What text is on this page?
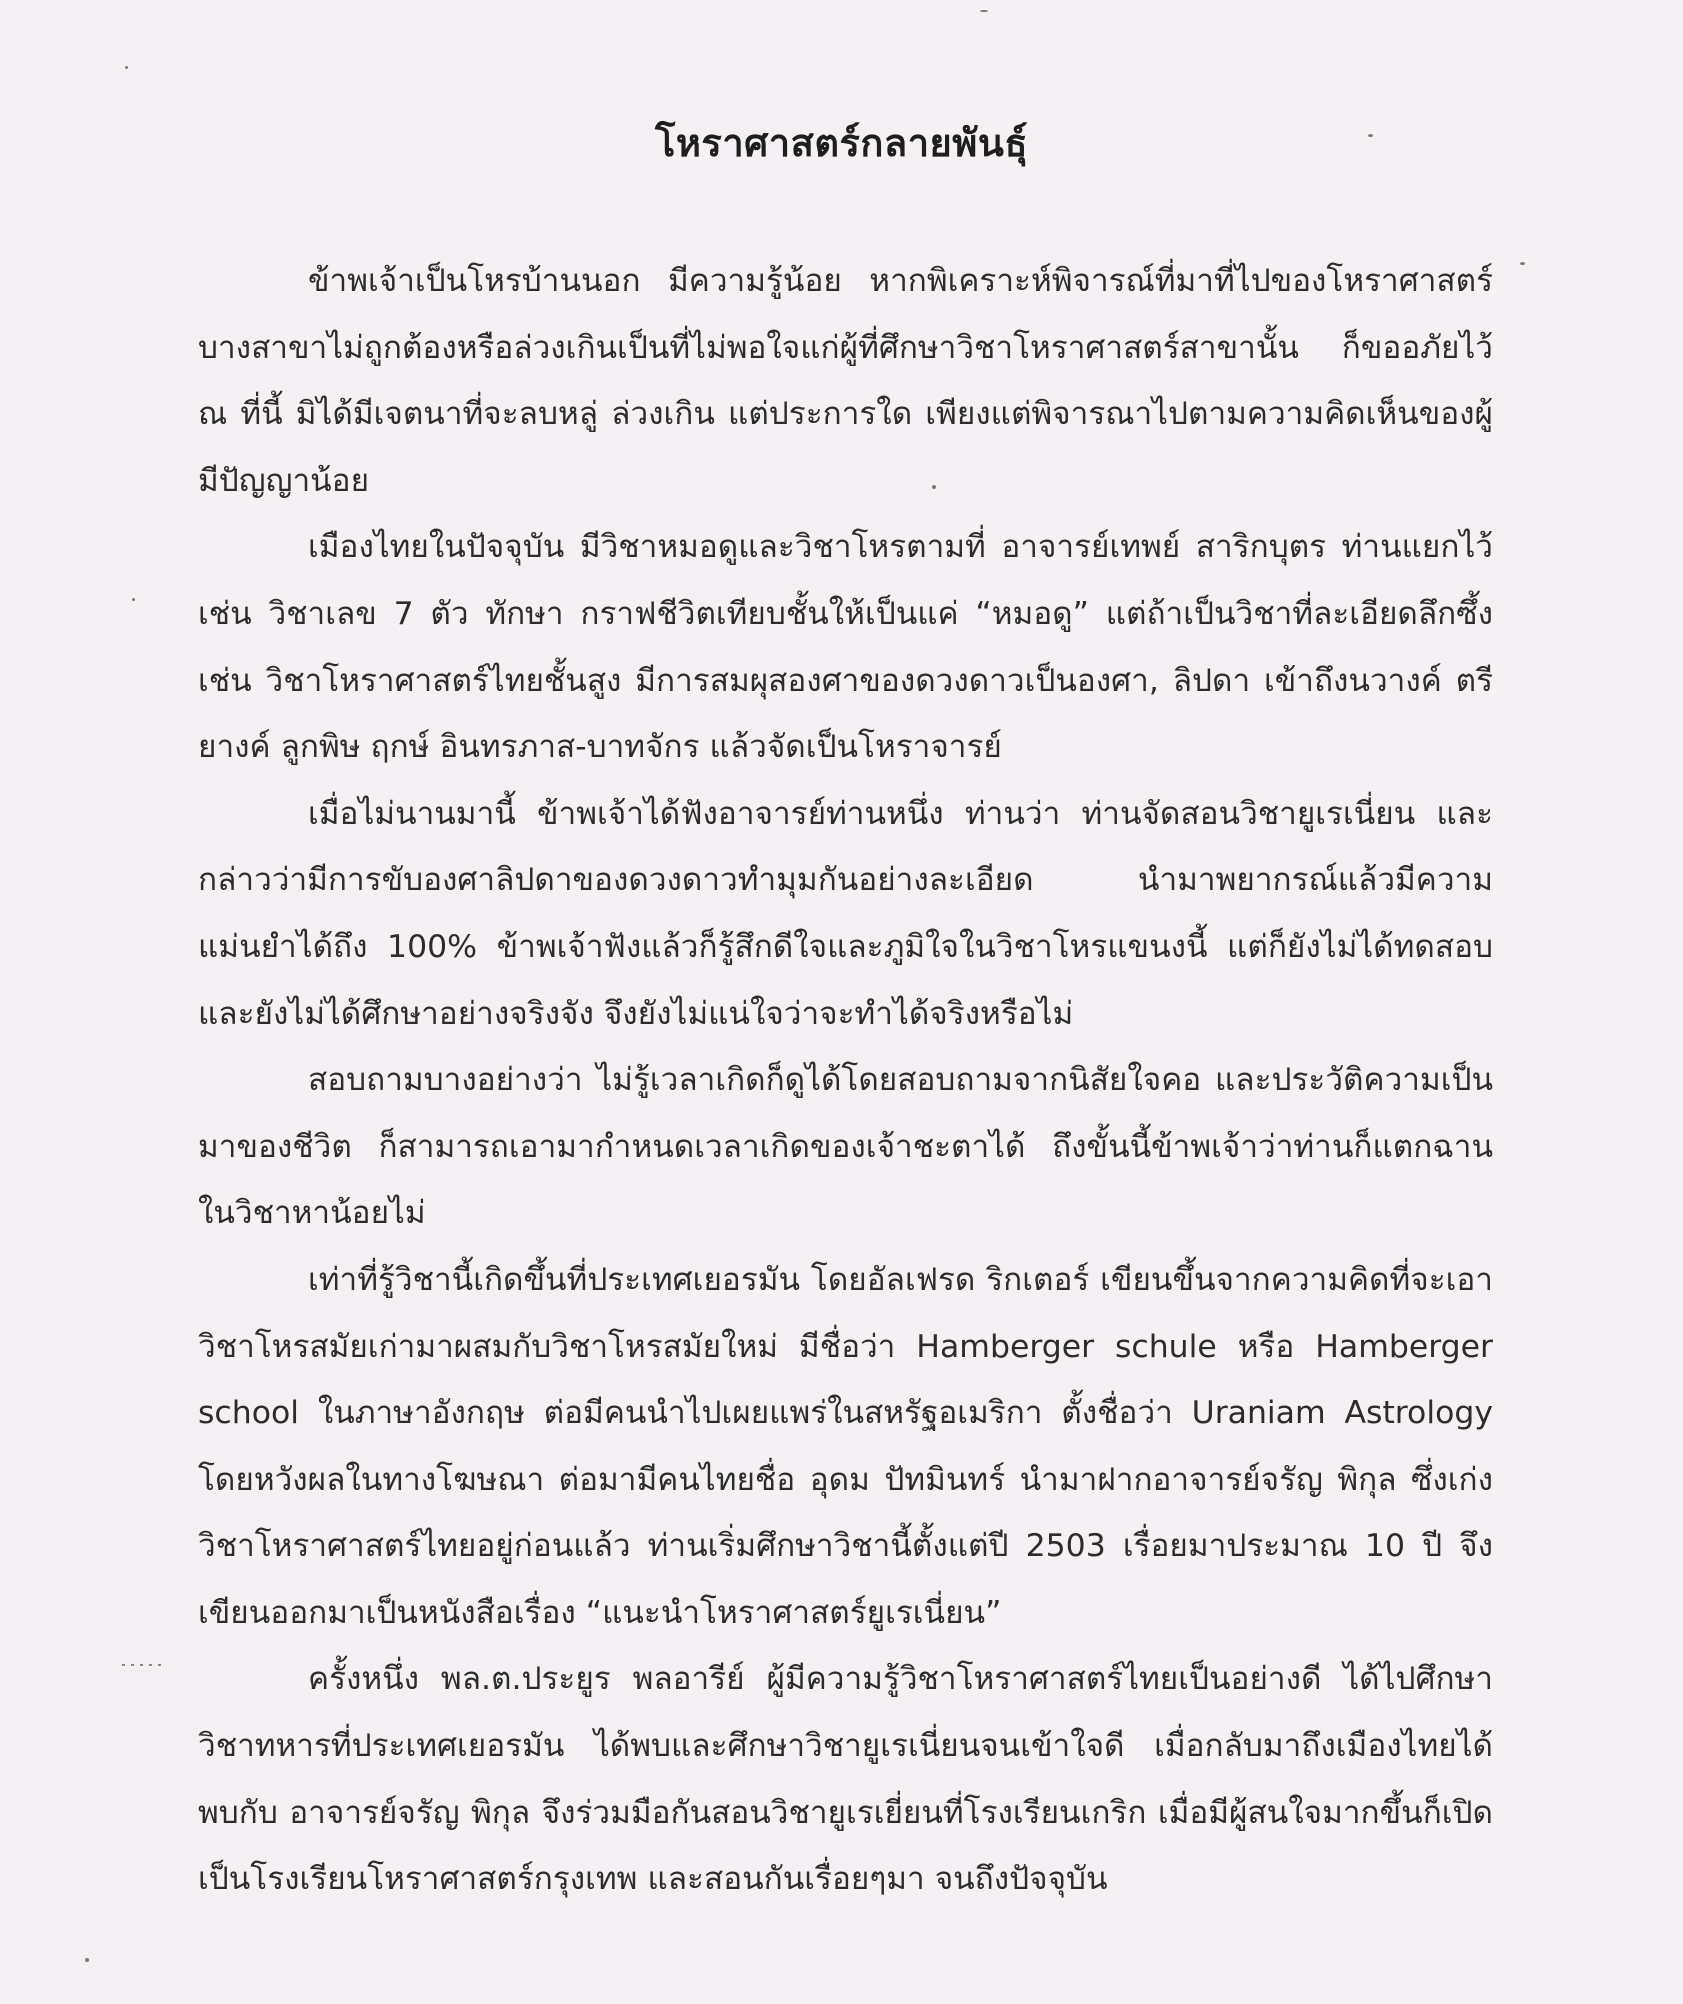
โหราศาสตร์กลายพันธุ์

ข้าพเจ้าเป็นโหรบ้านนอก มีความรู้น้อย หากพิเคราะห์พิจารณ์ที่มาที่ไปของโหราศาสตร์บางสาขาไม่ถูกต้องหรือล่วงเกินเป็นที่ไม่พอใจแก่ผู้ที่ศึกษาวิชาโหราศาสตร์สาขานั้น ก็ขออภัยไว้ ณ ที่นี้ มิได้มีเจตนาที่จะลบหลู่ ล่วงเกิน แต่ประการใด เพียงแต่พิจารณาไปตามความคิดเห็นของผู้มีปัญญาน้อย

เมืองไทยในปัจจุบัน มีวิชาหมอดูและวิชาโหรตามที่ อาจารย์เทพย์ สาริกบุตร ท่านแยกไว้ เช่น วิชาเลข 7 ตัว ทักษา กราฟชีวิตเทียบชั้นให้เป็นแค่ “หมอดู” แต่ถ้าเป็นวิชาที่ละเอียดลึกซึ้ง เช่น วิชาโหราศาสตร์ไทยชั้นสูง มีการสมผุสองศาของดวงดาวเป็นองศา, ลิปดา เข้าถึงนวางค์ ตรียางค์ ลูกพิษ ฤกษ์ อินทรภาส-บาทจักร แล้วจัดเป็นโหราจารย์

เมื่อไม่นานมานี้ ข้าพเจ้าได้ฟังอาจารย์ท่านหนึ่ง ท่านว่า ท่านจัดสอนวิชายูเรเนี่ยน และกล่าวว่ามีการขับองศาลิปดาของดวงดาวทำมุมกันอย่างละเอียด นำมาพยากรณ์แล้วมีความแม่นยำได้ถึง 100% ข้าพเจ้าฟังแล้วก็รู้สึกดีใจและภูมิใจในวิชาโหรแขนงนี้ แต่ก็ยังไม่ได้ทดสอบและยังไม่ได้ศึกษาอย่างจริงจัง จึงยังไม่แน่ใจว่าจะทำได้จริงหรือไม่

สอบถามบางอย่างว่า ไม่รู้เวลาเกิดก็ดูได้โดยสอบถามจากนิสัยใจคอ และประวัติความเป็นมาของชีวิต ก็สามารถเอามากำหนดเวลาเกิดของเจ้าชะตาได้ ถึงขั้นนี้ข้าพเจ้าว่าท่านก็แตกฉานในวิชาหาน้อยไม่

เท่าที่รู้วิชานี้เกิดขึ้นที่ประเทศเยอรมัน โดยอัลเฟรด ริกเตอร์ เขียนขึ้นจากความคิดที่จะเอาวิชาโหรสมัยเก่ามาผสมกับวิชาโหรสมัยใหม่ มีชื่อว่า Hamberger schule หรือ Hamberger school ในภาษาอังกฤษ ต่อมีคนนำไปเผยแพร่ในสหรัฐอเมริกา ตั้งชื่อว่า Uraniam Astrology โดยหวังผลในทางโฆษณา ต่อมามีคนไทยชื่อ อุดม ปัทมินทร์ นำมาฝากอาจารย์จรัญ พิกุล ซึ่งเก่งวิชาโหราศาสตร์ไทยอยู่ก่อนแล้ว ท่านเริ่มศึกษาวิชานี้ตั้งแต่ปี 2503 เรื่อยมาประมาณ 10 ปี จึงเขียนออกมาเป็นหนังสือเรื่อง “แนะนำโหราศาสตร์ยูเรเนี่ยน”

ครั้งหนึ่ง พล.ต.ประยูร พลอารีย์ ผู้มีความรู้วิชาโหราศาสตร์ไทยเป็นอย่างดี ได้ไปศึกษาวิชาทหารที่ประเทศเยอรมัน ได้พบและศึกษาวิชายูเรเนี่ยนจนเข้าใจดี เมื่อกลับมาถึงเมืองไทยได้พบกับ อาจารย์จรัญ พิกุล จึงร่วมมือกันสอนวิชายูเรเยี่ยนที่โรงเรียนเกริก เมื่อมีผู้สนใจมากขึ้นก็เปิดเป็นโรงเรียนโหราศาสตร์กรุงเทพ และสอนกันเรื่อยๆมา จนถึงปัจจุบัน
